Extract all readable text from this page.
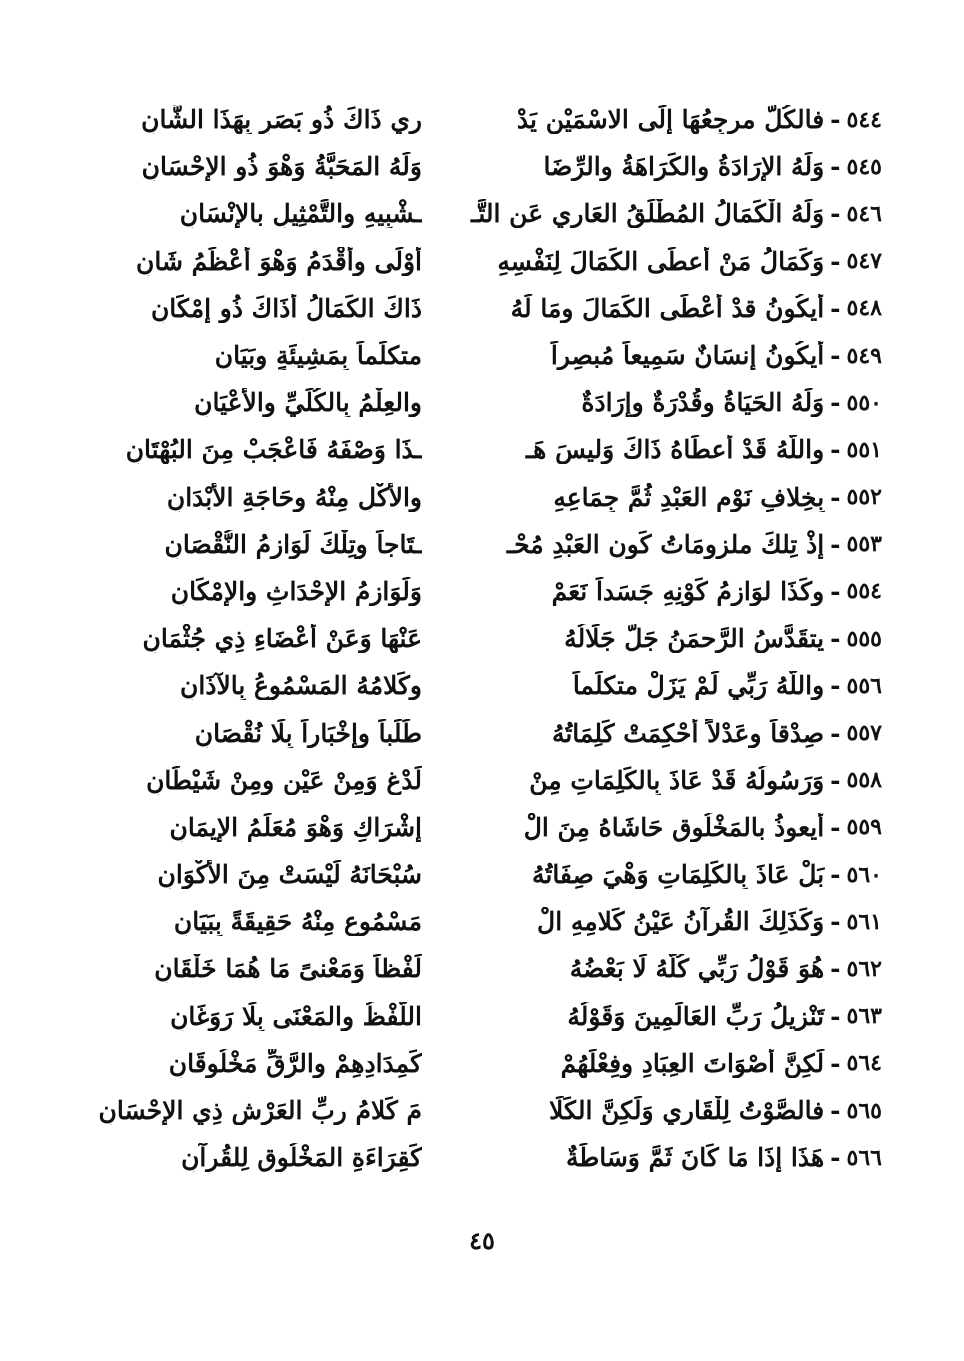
٥٤٤
-
فالكُلُّ مرجِعُهَا إلَى الاسْمَيْن يَدْ
رِي ذَاكَ ذُو بَصَرٍ بِهَذَا الشَّانِ
٥٤٥
-
وَلَهُ الإِرَادَةُ والكَرَاهَةُ والرِّضَا
وَلَهُ المَحَبَّةُ وَهْوَ ذُو الإِحْسَانِ
٥٤٦
-
وَلَهُ الْكَمَالُ المُطْلَقُ العَارِي عَنِ التَّـ
ـشْبِيهِ والتَّمْثِيلِ بالإِنْسَانِ
٥٤٧
-
وَكَمَالُ مَنْ أعطَى الكَمَالَ لِنَفْسِهِ
أوْلَى وأقْدَمُ وَهْوَ أعْظَمُ شَانِ
٥٤٨
-
أيكُونُ قدْ أعْطَى الكَمَالَ ومَا لَهُ
ذَاكَ الكَمَالُ أذَاكَ ذُو إمْكَانِ
٥٤٩
-
أيكُونُ إنسَانٌ سَمِيعاً مُبصِراً
متكلِّماً بِمَشِيئَةٍ وبَيَانِ
٥٥٠
-
وَلَهُ الحَيَاةُ وقُدْرَةٌ وإرَادَةٌ
والعِلْمُ بِالكُلِّيِّ والأَعْيَانِ
٥٥١
-
واللَّهُ قَدْ أعطَاهُ ذَاكَ وَليسَ هَـ
ـذَا وَصْفَهُ فَاعْجَبْ مِنَ البُهْتَانِ
٥٥٢
-
بِخِلافِ نَوْمِ العَبْدِ ثُمَّ جِمَاعِهِ
والأكْلِ مِنْهُ وحَاجَةِ الأبْدَانِ
٥٥٣
-
إذْ تِلكَ ملزومَاتُ كَونِ العَبْدِ مُحْـ
ـتَاجاً وتِلْكَ لَوَازِمُ النُّقْصَانِ
٥٥٤
-
وكَذَا لوَازِمُ كَوْنِهِ جَسَداً نَعَمْ
وَلَوَازِمُ الإحْدَاثِ والإمْكَانِ
٥٥٥
-
يتقَدَّسُ الرَّحمَنُ جَلَّ جَلَالُهُ
عَنْهَا وَعَنْ أعْضَاءِ ذِي جُثْمَانِ
٥٥٦
-
واللَّهُ رَبِّي لَمْ يَزَلْ متكلِّماً
وكَلامُهُ المَسْمُوعُ بِالآذَانِ
٥٥٧
-
صِدْقاً وعَدْلاً أُحْكِمَتْ كَلِمَاتُهُ
طَلَباً وإخْبَاراً بِلَا نُقْصَانِ
٥٥٨
-
وَرَسُولُهُ قَدْ عَاذَ بِالكَلِمَاتِ مِنْ
لَدْغٍ وَمِنْ عَيْنٍ ومِنْ شَيْطَانِ
٥٥٩
-
أيعوذُ بالمَخْلُوقِ حَاشَاهُ مِنَ الْ
إشْرَاكِ وَهْوَ مُعَلِّمُ الإيمَانِ
٥٦٠
-
بَلْ عَاذَ بِالكَلِمَاتِ وَهْيَ صِفَاتُهُ
سُبْحَانَهُ لَيْسَتْ مِنَ الأكْوَانِ
٥٦١
-
وَكَذَلِكَ القُرآنُ عَيْنُ كَلامِهِ الْ
مَسْمُوعِ مِنْهُ حَقِيقَةً بِبَيَانِ
٥٦٢
-
هُوَ قَوْلُ رَبِّي كُلُّهُ لَا بَعْضُهُ
لَفْظاً وَمَعْنىً مَا هُمَا خَلْقَانِ
٥٦٣
-
تَنْزِيلُ رَبِّ العَالَمِينَ وَقَوْلُهُ
اللَّفْظُ والمَعْنَى بِلَا رَوَغَانِ
٥٦٤
-
لَكِنَّ أصْوَاتَ العِبَادِ وفِعْلَهُمْ
كَمِدَادِهِمْ والرَّقِّ مَخْلُوقَانِ
٥٦٥
-
فالصَّوْتُ لِلْقَارِي وَلَكِنَّ الكَلَا
مَ كَلامُ ربِّ العَرْشِ ذِي الإحْسَانِ
٥٦٦
-
هَذَا إذَا مَا كَانَ ثَمَّ وَسَاطَةٌ
كَقِرَاءَةِ المَخْلُوقِ لِلقُرآنِ
٤٥
